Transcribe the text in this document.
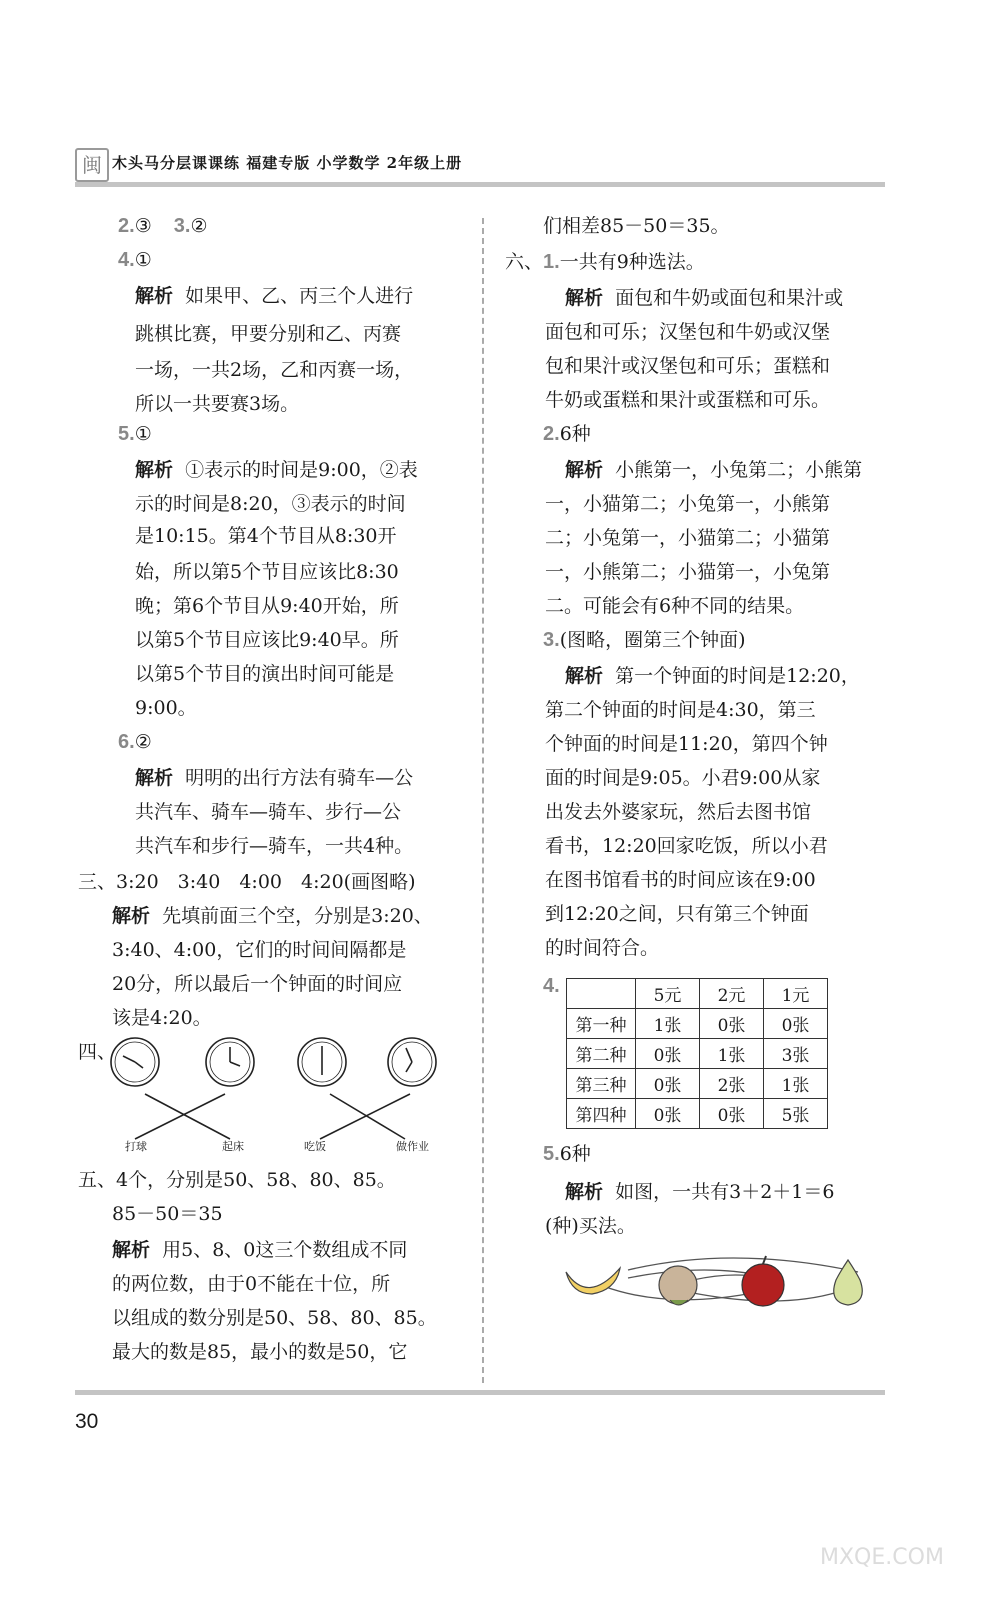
闽 木头马分层课课练 福建专版 小学数学 2年级上册
2.③ 3.②
4.①
解析 如果甲、乙、丙三个人进行
跳棋比赛，甲要分别和乙、丙赛
一场，一共2场，乙和丙赛一场，
所以一共要赛3场。
5.①
解析 ①表示的时间是9:00，②表
示的时间是8:20，③表示的时间
是10:15。第4个节目从8:30开
始，所以第5个节目应该比8:30
晚；第6个节目从9:40开始，所
以第5个节目应该比9:40早。所
以第5个节目的演出时间可能是
9:00。
6.②
解析 明明的出行方法有骑车—公
共汽车、骑车—骑车、步行—公
共汽车和步行—骑车，一共4种。
三、3:20　3:40　4:00　4:20(画图略)
解析 先填前面三个空，分别是3:20、
3:40、4:00，它们的时间间隔都是
20分，所以最后一个钟面的时间应
该是4:20。
四、
打球	起床	吃饭	做作业
五、4个，分别是50、58、80、85。
85－50＝35
解析 用5、8、0这三个数组成不同
的两位数，由于0不能在十位，所
以组成的数分别是50、58、80、85。
最大的数是85，最小的数是50，它
们相差85－50＝35。
六、1.一共有9种选法。
解析 面包和牛奶或面包和果汁或
面包和可乐；汉堡包和牛奶或汉堡
包和果汁或汉堡包和可乐；蛋糕和
牛奶或蛋糕和果汁或蛋糕和可乐。
2.6种
解析 小熊第一，小兔第二；小熊第
一，小猫第二；小兔第一，小熊第
二；小兔第一，小猫第二；小猫第
一，小熊第二；小猫第一，小兔第
二。可能会有6种不同的结果。
3.(图略，圈第三个钟面)
解析 第一个钟面的时间是12:20，
第二个钟面的时间是4:30，第三
个钟面的时间是11:20，第四个钟
面的时间是9:05。小君9:00从家
出发去外婆家玩，然后去图书馆
看书，12:20回家吃饭，所以小君
在图书馆看书的时间应该在9:00
到12:20之间，只有第三个钟面
的时间符合。
4.
		5元	2元	1元
第一种	1张	0张	0张
第二种	0张	1张	3张
第三种	0张	2张	1张
第四种	0张	0张	5张
5.6种
解析 如图，一共有3＋2＋1＝6
(种)买法。
30
MXQE.COM
